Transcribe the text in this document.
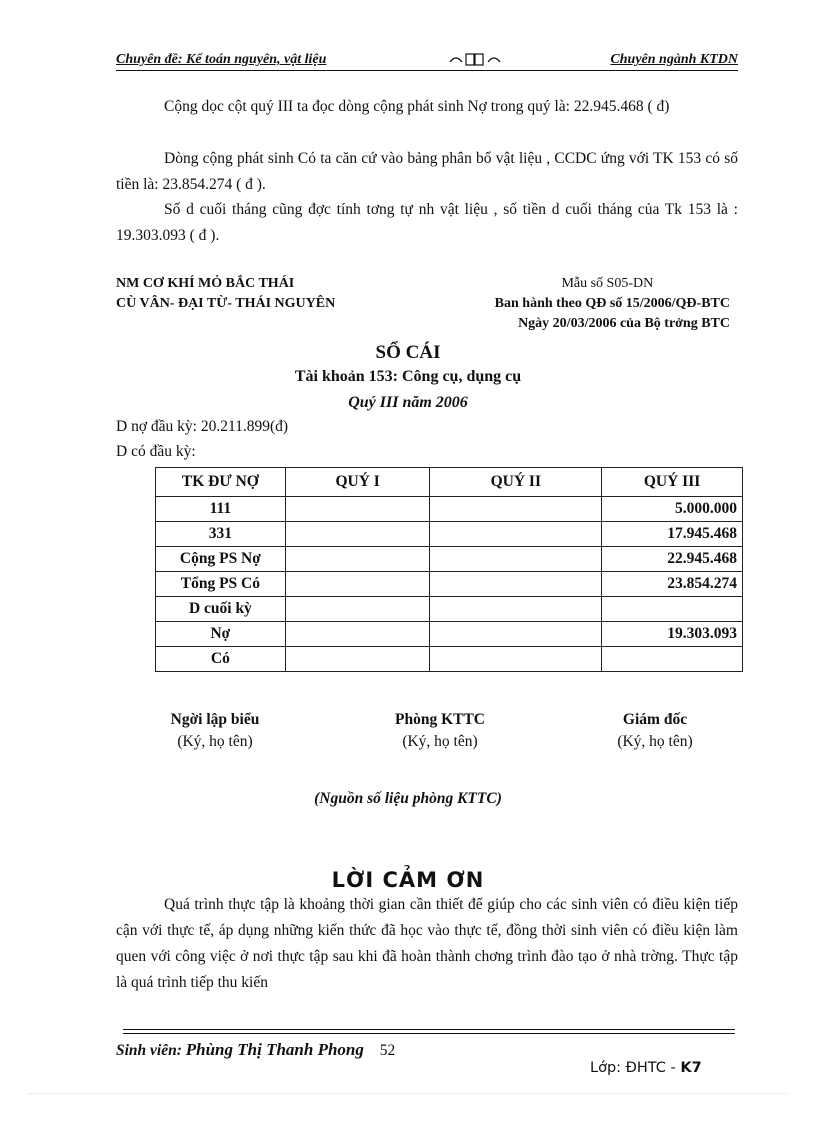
Chuyên đề: Kế toán nguyên, vật liệu	Chuyên ngành KTDN
Cộng dọc cột quý III ta đọc dòng cộng phát sinh Nợ trong quý là: 22.945.468 ( đ)
Dòng cộng phát sinh Có ta căn cứ vào bảng phân bổ vật liệu , CCDC ứng với TK 153 có số tiền là: 23.854.274 ( đ ).
Số d cuối tháng cũng đợc tính tơng tự nh vật liệu , số tiền d cuối tháng của Tk 153 là : 19.303.093 ( đ ).
NM CƠ KHÍ MỎ BẮC THÁI
CÙ VÂN- ĐẠI TỪ- THÁI NGUYÊN
Mẫu số S05-DN
Ban hành theo QĐ số 15/2006/QĐ-BTC
Ngày 20/03/2006 của Bộ trởng BTC
SỔ CÁI
Tài khoản 153: Công cụ, dụng cụ
Quý III năm 2006
D nợ đầu kỳ: 20.211.899(đ)
D có đầu kỳ:
TK ĐƯ NỢ	QUÝ I	QUÝ II	QUÝ III
111			5.000.000
331			17.945.468
Cộng PS Nợ			22.945.468
Tổng PS Có			23.854.274
D cuối kỳ			
Nợ			19.303.093
Có			
Ngời lập biểu
(Ký, họ tên)
Phòng KTTC
(Ký, họ tên)
Giám đốc
(Ký, họ tên)
(Nguồn số liệu phòng KTTC)
LỜI CẢM ƠN
Quá trình thực tập là khoảng thời gian cần thiết để giúp cho các sinh viên có điều kiện tiếp cận với thực tế, áp dụng những kiến thức đã học vào thực tế, đồng thời sinh viên có điều kiện làm quen với công việc ở nơi thực tập sau khi đã hoàn thành chơng trình đào tạo ở nhà trờng. Thực tập là quá trình tiếp thu kiến
Sinh viên: Phùng Thị Thanh Phong 52
Lớp: ĐHTC - K7
